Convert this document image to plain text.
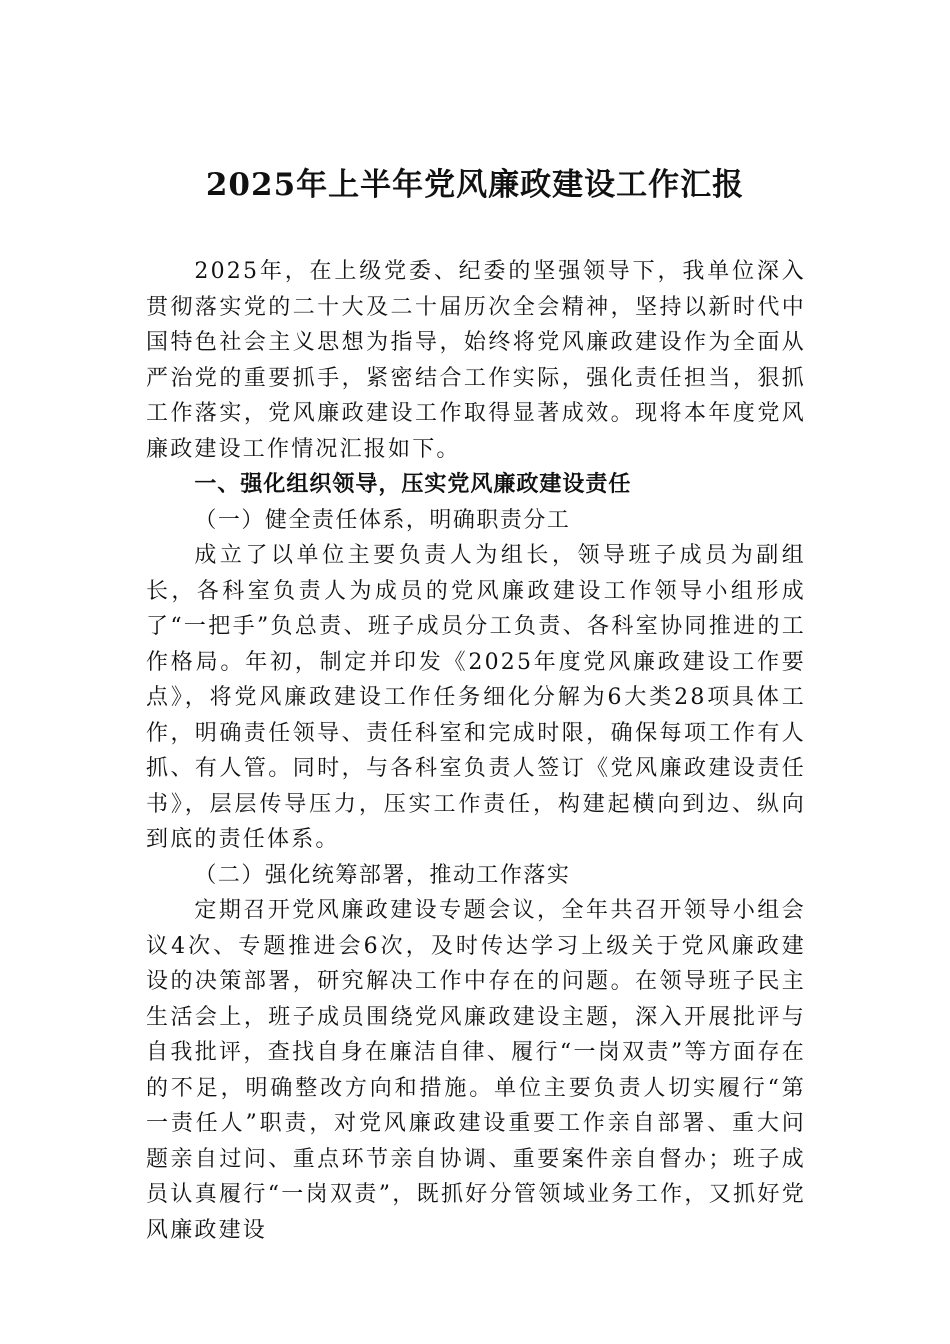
2025年上半年党风廉政建设工作汇报

2025年，在上级党委、纪委的坚强领导下，我单位深入贯彻落实党的二十大及二十届历次全会精神，坚持以新时代中国特色社会主义思想为指导，始终将党风廉政建设作为全面从严治党的重要抓手，紧密结合工作实际，强化责任担当，狠抓工作落实，党风廉政建设工作取得显著成效。现将本年度党风廉政建设工作情况汇报如下。

一、强化组织领导，压实党风廉政建设责任
（一）健全责任体系，明确职责分工

成立了以单位主要负责人为组长，领导班子成员为副组长，各科室负责人为成员的党风廉政建设工作领导小组形成了“一把手”负总责、班子成员分工负责、各科室协同推进的工作格局。年初，制定并印发《2025年度党风廉政建设工作要点》，将党风廉政建设工作任务细化分解为6大类28项具体工作，明确责任领导、责任科室和完成时限，确保每项工作有人抓、有人管。同时，与各科室负责人签订《党风廉政建设责任书》，层层传导压力，压实工作责任，构建起横向到边、纵向到底的责任体系。

（二）强化统筹部署，推动工作落实

定期召开党风廉政建设专题会议，全年共召开领导小组会议4次、专题推进会6次，及时传达学习上级关于党风廉政建设的决策部署，研究解决工作中存在的问题。在领导班子民主生活会上，班子成员围绕党风廉政建设主题，深入开展批评与自我批评，查找自身在廉洁自律、履行“一岗双责”等方面存在的不足，明确整改方向和措施。单位主要负责人切实履行“第一责任人”职责，对党风廉政建设重要工作亲自部署、重大问题亲自过问、重点环节亲自协调、重要案件亲自督办；班子成员认真履行“一岗双责”，既抓好分管领域业务工作，又抓好党风廉政建设
